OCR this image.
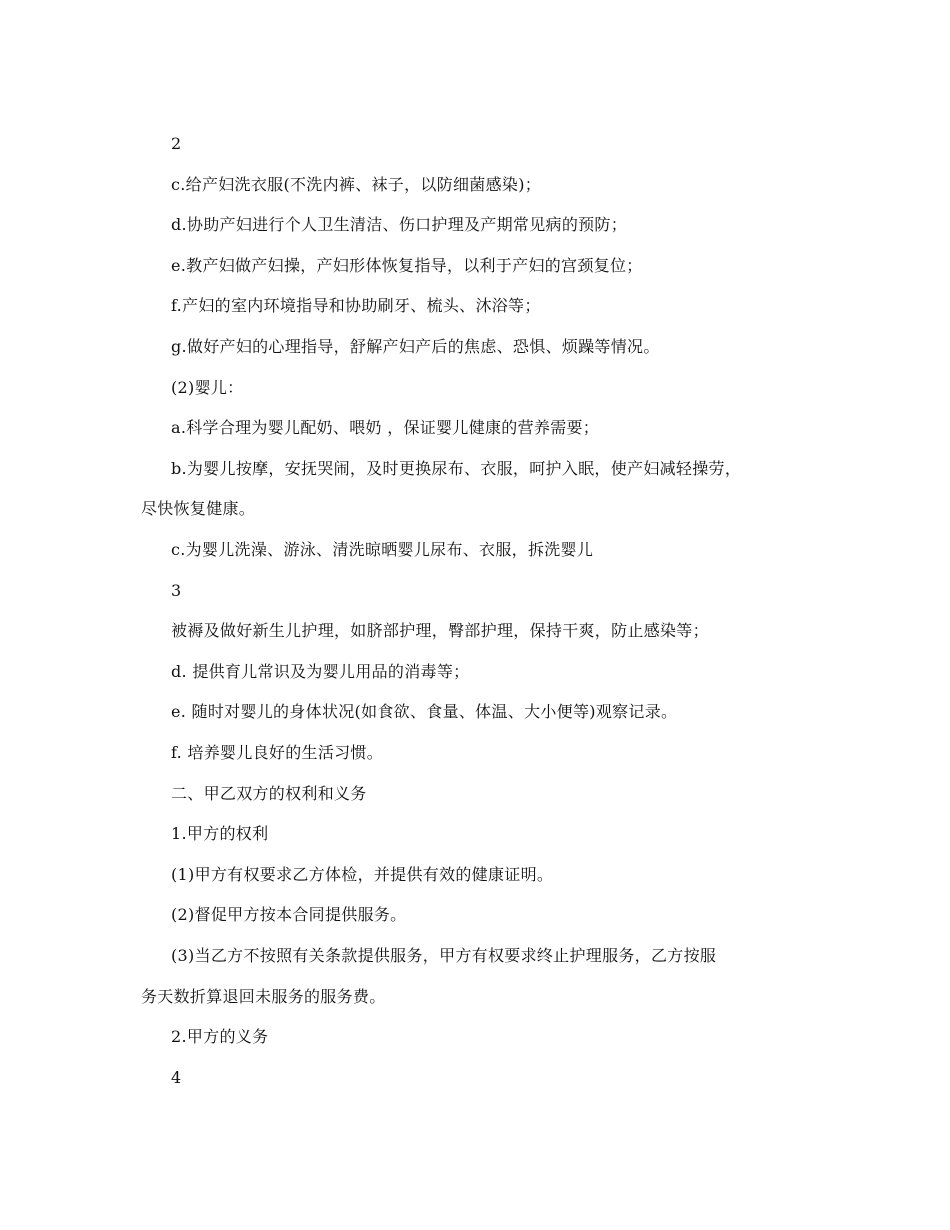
2
c.给产妇洗衣服(不洗内裤、袜子，以防细菌感染)；
d.协助产妇进行个人卫生清洁、伤口护理及产期常见病的预防；
e.教产妇做产妇操，产妇形体恢复指导，以利于产妇的宫颈复位；
f.产妇的室内环境指导和协助刷牙、梳头、沐浴等；
g.做好产妇的心理指导，舒解产妇产后的焦虑、恐惧、烦躁等情况。
(2)婴儿：
a.科学合理为婴儿配奶、喂奶 ，保证婴儿健康的营养需要；
b.为婴儿按摩，安抚哭闹，及时更换尿布、衣服，呵护入眠，使产妇减轻操劳，
尽快恢复健康。
c.为婴儿洗澡、游泳、清洗晾晒婴儿尿布、衣服，拆洗婴儿
3
被褥及做好新生儿护理，如脐部护理，臀部护理，保持干爽，防止感染等；
d. 提供育儿常识及为婴儿用品的消毒等；
e. 随时对婴儿的身体状况(如食欲、食量、体温、大小便等)观察记录。
f. 培养婴儿良好的生活习惯。
二、甲乙双方的权利和义务
1.甲方的权利
(1)甲方有权要求乙方体检，并提供有效的健康证明。
(2)督促甲方按本合同提供服务。
(3)当乙方不按照有关条款提供服务，甲方有权要求终止护理服务，乙方按服
务天数折算退回未服务的服务费。
2.甲方的义务
4
